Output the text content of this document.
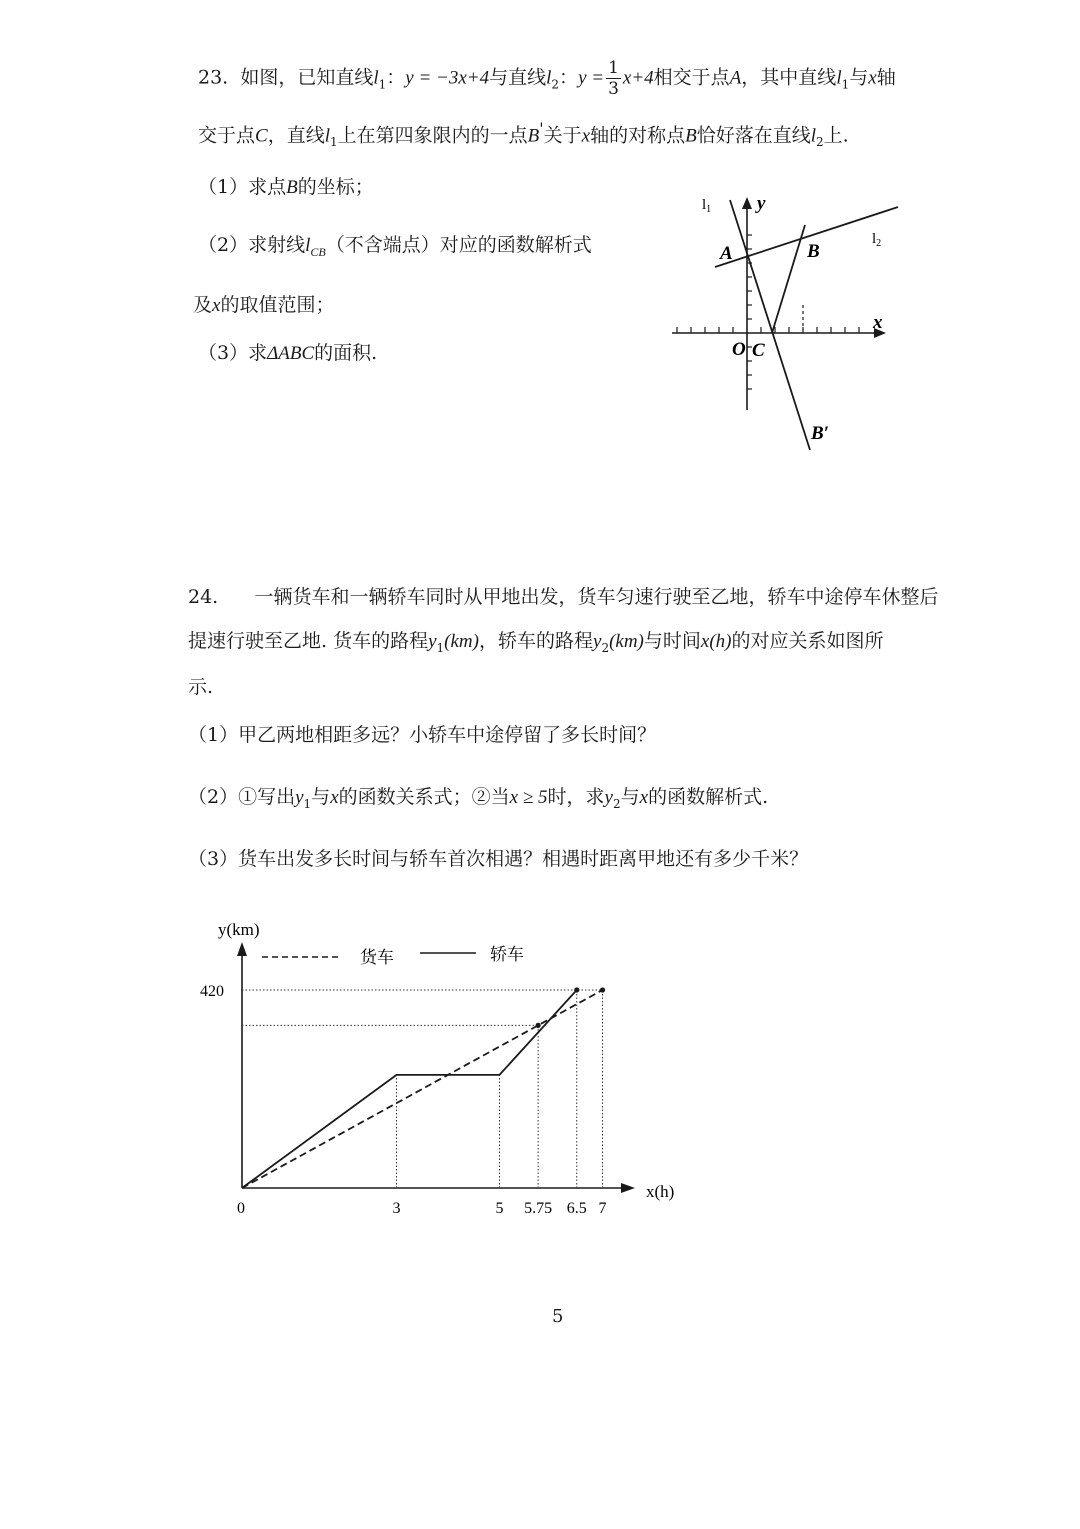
23. 如图，已知直线$l_1$：y = −3x+4与直线$l_2$：$y = \frac{1}{3} x+4$相交于点A，其中直线$l_1$与x轴
交于点C，直线$l_1$上在第四象限内的一点B'关于x轴的对称点B恰好落在直线$l_2$上.
（1）求点B的坐标；
（2）求射线$l_{CB}$（不含端点）对应的函数解析式
及x的取值范围；
（3）求ΔABC的面积.
$l_1$
$l_2$
y
x
O C
A	B
B′
24. 一辆货车和一辆轿车同时从甲地出发，货车匀速行驶至乙地，轿车中途停车休整后
提速行驶至乙地. 货车的路程$y_1(km)$，轿车的路程$y_2(km)$与时间x(h)的对应关系如图所
示.
（1）甲乙两地相距多远？小轿车中途停留了多长时间？
（2）①写出$y_1$与x的函数关系式；②当x ≥ 5时，求$y_2$与x的函数解析式.
（3）货车出发多长时间与轿车首次相遇？相遇时距离甲地还有多少千米？
y(km)
x(h)
0
420
货车	轿车
3	5 5.75 6.5 7
5
